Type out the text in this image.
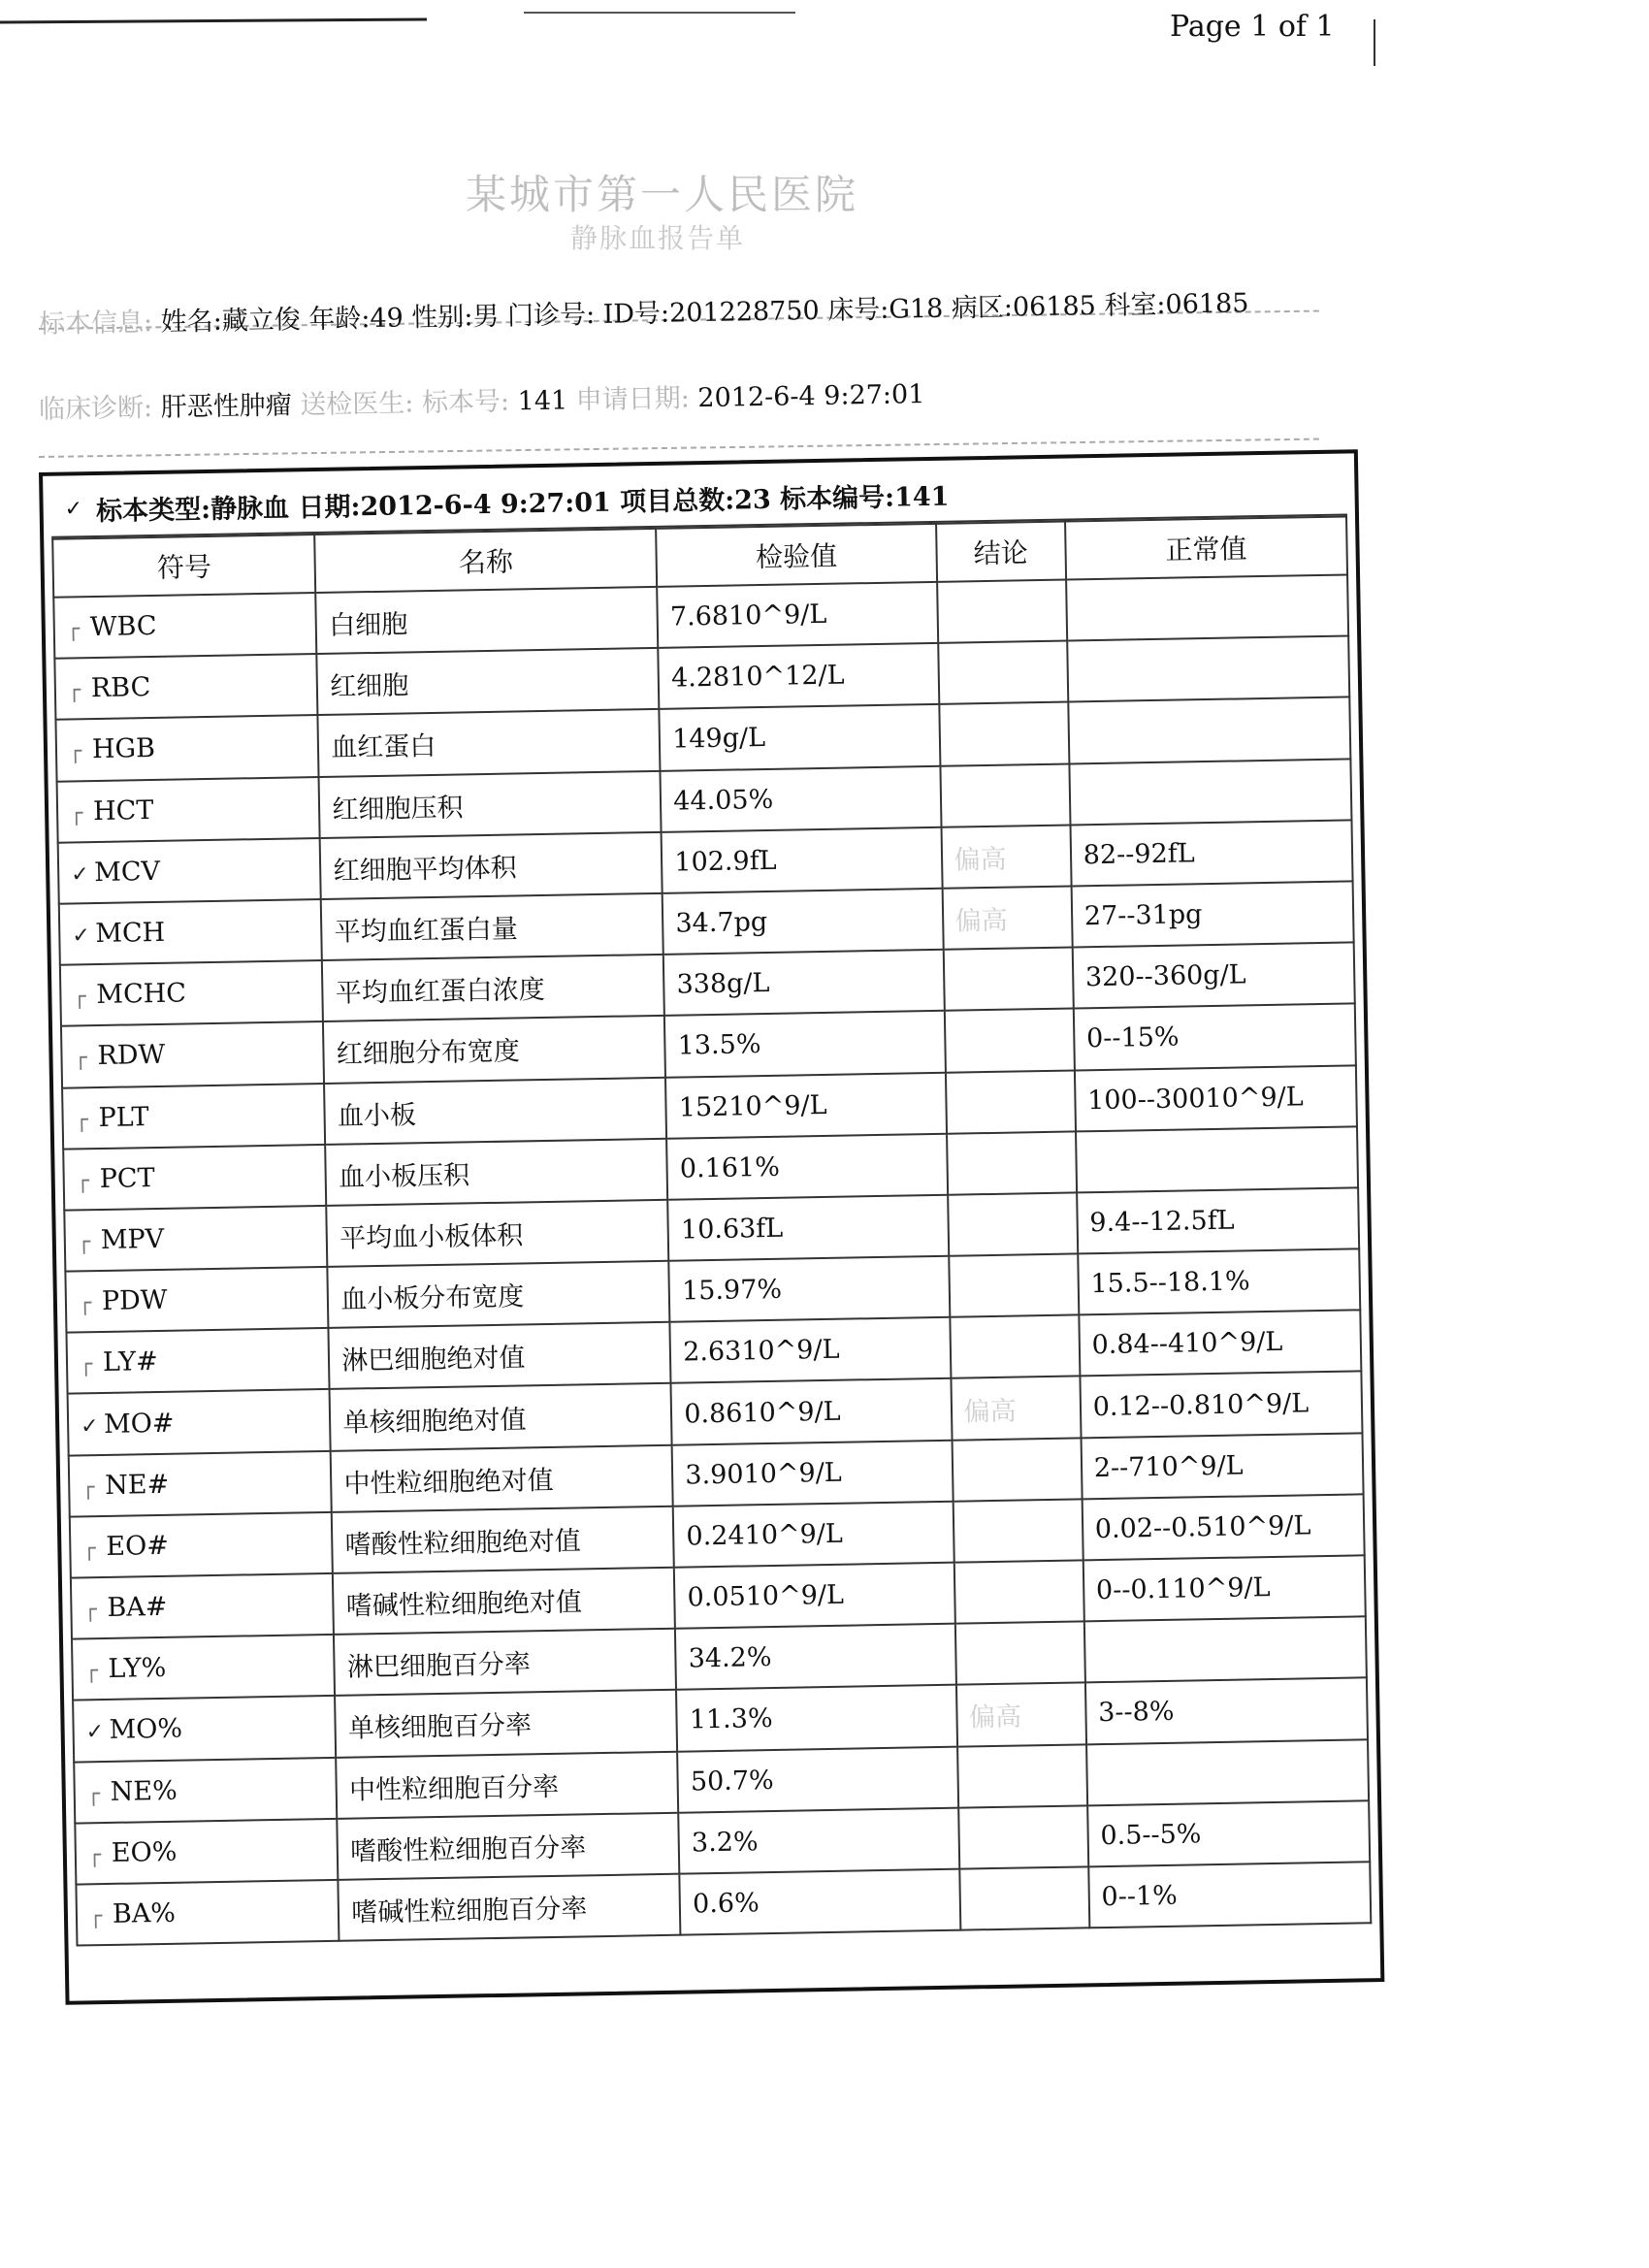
Page 1 of 1
某城市第一人民医院
静脉血报告单
标本信息: 姓名:藏立俊 年龄:49 性别:男 门诊号: ID号:201228750 床号:G18 病区:06185 科室:06185
临床诊断: 肝恶性肿瘤 送检医生: 标本号: 141 申请日期: 2012-6-4 9:27:01
✓ 标本类型:静脉血 日期:2012-6-4 9:27:01 项目总数:23 标本编号:141
符号	名称	检验值	结论	正常值
┌ WBC	白细胞	7.6810^9/L		
┌ RBC	红细胞	4.2810^12/L		
┌ HGB	血红蛋白	149g/L		
┌ HCT	红细胞压积	44.05%		
✓ MCV	红细胞平均体积	102.9fL	偏高	82--92fL
✓ MCH	平均血红蛋白量	34.7pg	偏高	27--31pg
┌ MCHC	平均血红蛋白浓度	338g/L		320--360g/L
┌ RDW	红细胞分布宽度	13.5%		0--15%
┌ PLT	血小板	15210^9/L		100--30010^9/L
┌ PCT	血小板压积	0.161%		
┌ MPV	平均血小板体积	10.63fL		9.4--12.5fL
┌ PDW	血小板分布宽度	15.97%		15.5--18.1%
┌ LY#	淋巴细胞绝对值	2.6310^9/L		0.84--410^9/L
✓ MO#	单核细胞绝对值	0.8610^9/L	偏高	0.12--0.810^9/L
┌ NE#	中性粒细胞绝对值	3.9010^9/L		2--710^9/L
┌ EO#	嗜酸性粒细胞绝对值	0.2410^9/L		0.02--0.510^9/L
┌ BA#	嗜碱性粒细胞绝对值	0.0510^9/L		0--0.110^9/L
┌ LY%	淋巴细胞百分率	34.2%		
✓ MO%	单核细胞百分率	11.3%	偏高	3--8%
┌ NE%	中性粒细胞百分率	50.7%		
┌ EO%	嗜酸性粒细胞百分率	3.2%		0.5--5%
┌ BA%	嗜碱性粒细胞百分率	0.6%		0--1%
